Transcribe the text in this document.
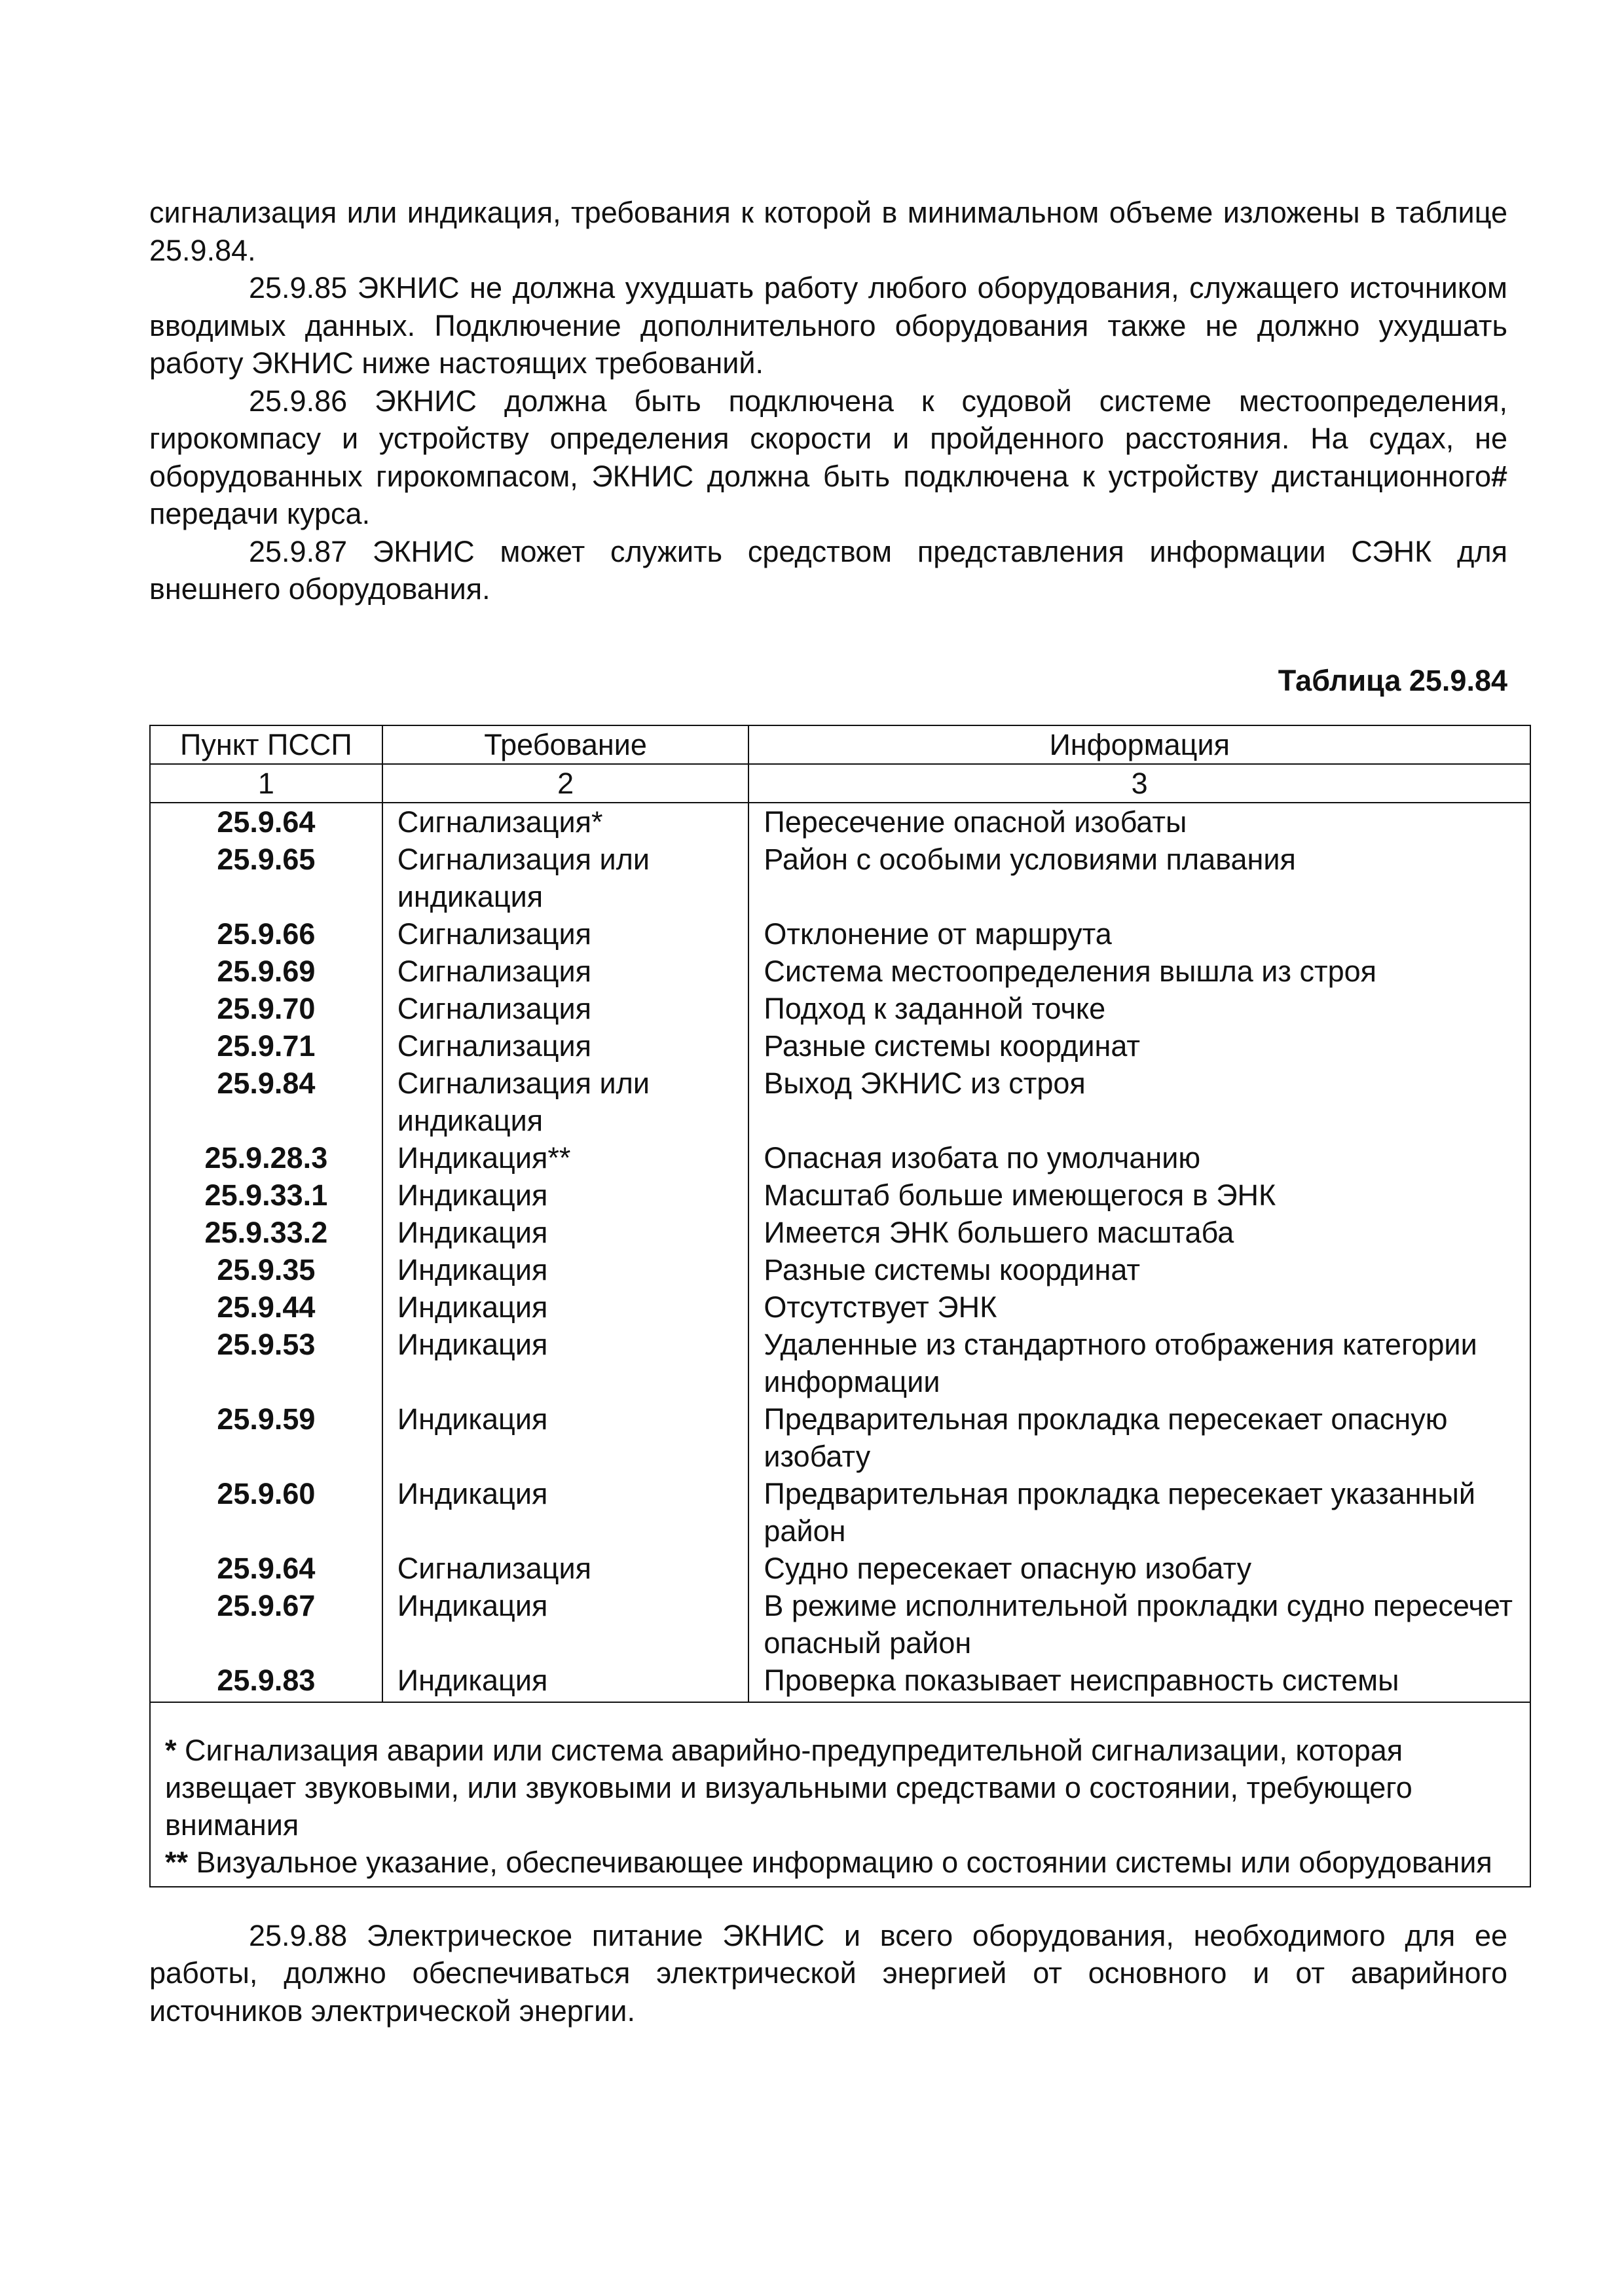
сигнализация или индикация, требования к которой в минимальном объеме изложены в таблице 25.9.84.

25.9.85 ЭКНИС не должна ухудшать работу любого оборудования, служащего источником вводимых данных. Подключение дополнительного оборудования также не должно ухудшать работу ЭКНИС ниже настоящих требований.

25.9.86 ЭКНИС должна быть подключена к судовой системе местоопределения, гирокомпасу и устройству определения скорости и пройденного расстояния. На судах, не оборудованных гирокомпасом, ЭКНИС должна быть подключена к устройству дистанционного# передачи курса.

25.9.87 ЭКНИС может служить средством представления информации СЭНК для внешнего оборудования.

Таблица 25.9.84
Пункт ПССП	Требование	Информация
1	2	3
25.9.64	Сигнализация*	Пересечение опасной изобаты
25.9.65	Сигнализация или индикация	Район с особыми условиями плавания
25.9.66	Сигнализация	Отклонение от маршрута
25.9.69	Сигнализация	Система местоопределения вышла из строя
25.9.70	Сигнализация	Подход к заданной точке
25.9.71	Сигнализация	Разные системы координат
25.9.84	Сигнализация или индикация	Выход ЭКНИС из строя
25.9.28.3	Индикация**	Опасная изобата по умолчанию
25.9.33.1	Индикация	Масштаб больше имеющегося в ЭНК
25.9.33.2	Индикация	Имеется ЭНК большего масштаба
25.9.35	Индикация	Разные системы координат
25.9.44	Индикация	Отсутствует ЭНК
25.9.53	Индикация	Удаленные из стандартного отображения категории информации
25.9.59	Индикация	Предварительная прокладка пересекает опасную изобату
25.9.60	Индикация	Предварительная прокладка пересекает указанный район
25.9.64	Сигнализация	Судно пересекает опасную изобату
25.9.67	Индикация	В режиме исполнительной прокладки судно пересечет опасный район
25.9.83	Индикация	Проверка показывает неисправность системы

* Сигнализация аварии или система аварийно-предупредительной сигнализации, которая извещает звуковыми, или звуковыми и визуальными средствами о состоянии, требующего внимания
** Визуальное указание, обеспечивающее информацию о состоянии системы или оборудования		

25.9.88 Электрическое питание ЭКНИС и всего оборудования, необходимого для ее работы, должно обеспечиваться электрической энергией от основного и от аварийного источников электрической энергии.
